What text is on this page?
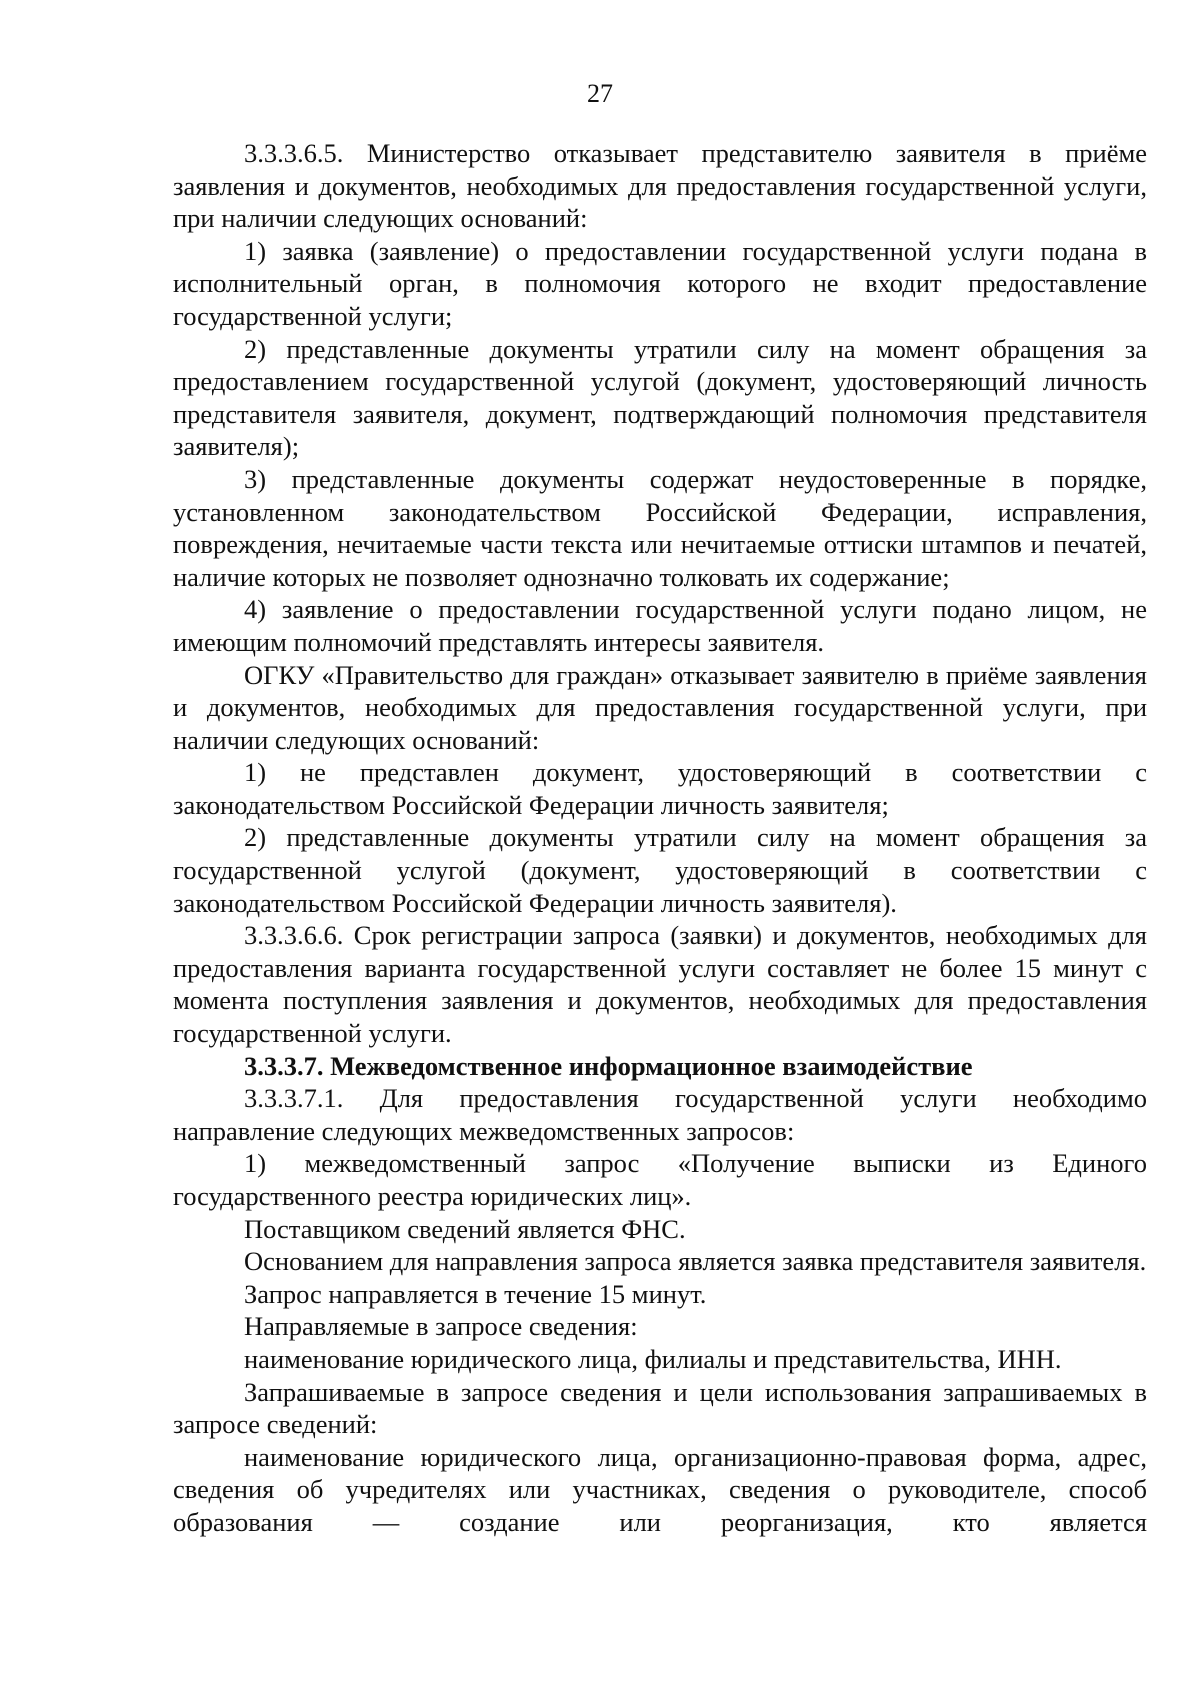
27

3.3.3.6.5. Министерство отказывает представителю заявителя в приёме заявления и документов, необходимых для предоставления государственной услуги, при наличии следующих оснований:

1) заявка (заявление) о предоставлении государственной услуги подана в исполнительный орган, в полномочия которого не входит предоставление государственной услуги;

2) представленные документы утратили силу на момент обращения за предоставлением государственной услугой (документ, удостоверяющий личность представителя заявителя, документ, подтверждающий полномочия представителя заявителя);

3) представленные документы содержат неудостоверенные в порядке, установленном законодательством Российской Федерации, исправления, повреждения, нечитаемые части текста или нечитаемые оттиски штампов и печатей, наличие которых не позволяет однозначно толковать их содержание;

4) заявление о предоставлении государственной услуги подано лицом, не имеющим полномочий представлять интересы заявителя.

ОГКУ «Правительство для граждан» отказывает заявителю в приёме заявления и документов, необходимых для предоставления государственной услуги, при наличии следующих оснований:

1) не представлен документ, удостоверяющий в соответствии с законодательством Российской Федерации личность заявителя;

2) представленные документы утратили силу на момент обращения за государственной услугой (документ, удостоверяющий в соответствии с законодательством Российской Федерации личность заявителя).

3.3.3.6.6. Срок регистрации запроса (заявки) и документов, необходимых для предоставления варианта государственной услуги составляет не более 15 минут с момента поступления заявления и документов, необходимых для предоставления государственной услуги.

3.3.3.7. Межведомственное информационное взаимодействие

3.3.3.7.1. Для предоставления государственной услуги необходимо направление следующих межведомственных запросов:

1) межведомственный запрос «Получение выписки из Единого государственного реестра юридических лиц».

Поставщиком сведений является ФНС.

Основанием для направления запроса является заявка представителя заявителя.

Запрос направляется в течение 15 минут.

Направляемые в запросе сведения:

наименование юридического лица, филиалы и представительства, ИНН.

Запрашиваемые в запросе сведения и цели использования запрашиваемых в запросе сведений:

наименование юридического лица, организационно-правовая форма, адрес, сведения об учредителях или участниках, сведения о руководителе, способ образования — создание или реорганизация, кто является
